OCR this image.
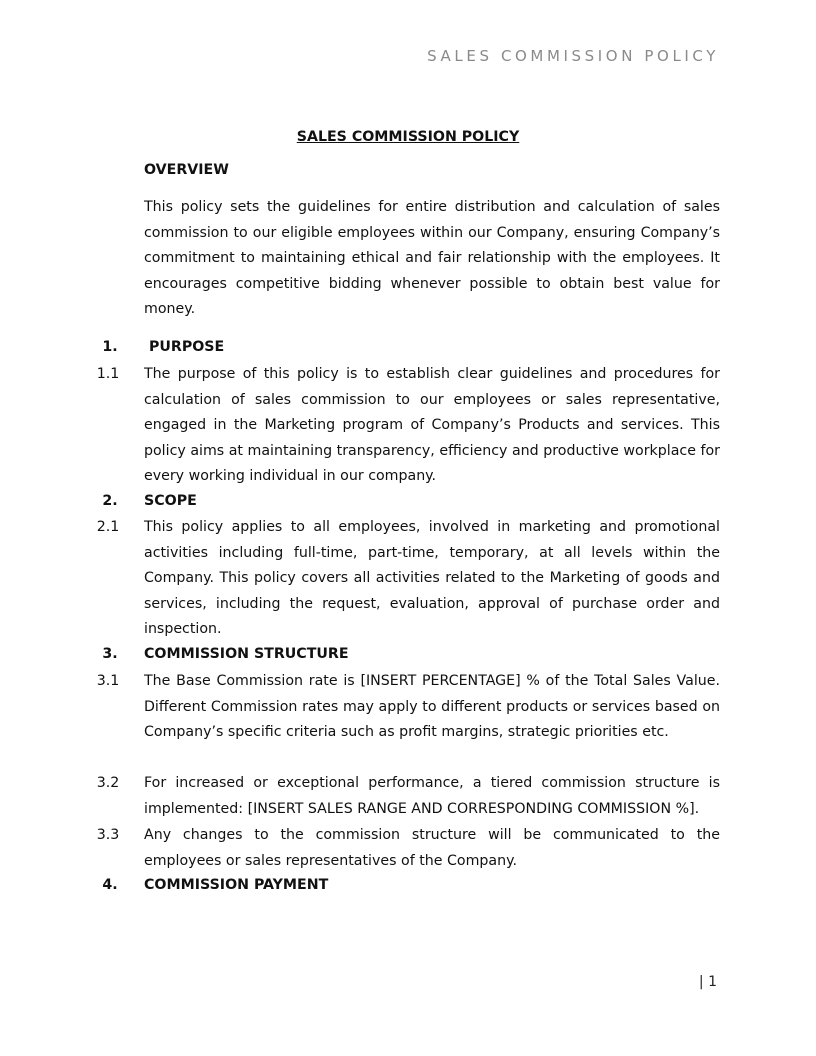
SALES COMMISSION POLICY
SALES COMMISSION POLICY
OVERVIEW
This policy sets the guidelines for entire distribution and calculation of sales commission to our eligible employees within our Company, ensuring Company’s commitment to maintaining ethical and fair relationship with the employees. It encourages competitive bidding whenever possible to obtain best value for money.
1.	PURPOSE
1.1	The purpose of this policy is to establish clear guidelines and procedures for calculation of sales commission to our employees or sales representative, engaged in the Marketing program of Company’s Products and services. This policy aims at maintaining transparency, efficiency and productive workplace for every working individual in our company.
2.	SCOPE
2.1	This policy applies to all employees, involved in marketing and promotional activities including full-time, part-time, temporary, at all levels within the Company. This policy covers all activities related to the Marketing of goods and services, including the request, evaluation, approval of purchase order and inspection.
3.	COMMISSION STRUCTURE
3.1	The Base Commission rate is [INSERT PERCENTAGE] % of the Total Sales Value. Different Commission rates may apply to different products or services based on Company’s specific criteria such as profit margins, strategic priorities etc.
3.2	For increased or exceptional performance, a tiered commission structure is implemented: [INSERT SALES RANGE AND CORRESPONDING COMMISSION %].
3.3	Any changes to the commission structure will be communicated to the employees or sales representatives of the Company.
4.	COMMISSION PAYMENT
| 1
